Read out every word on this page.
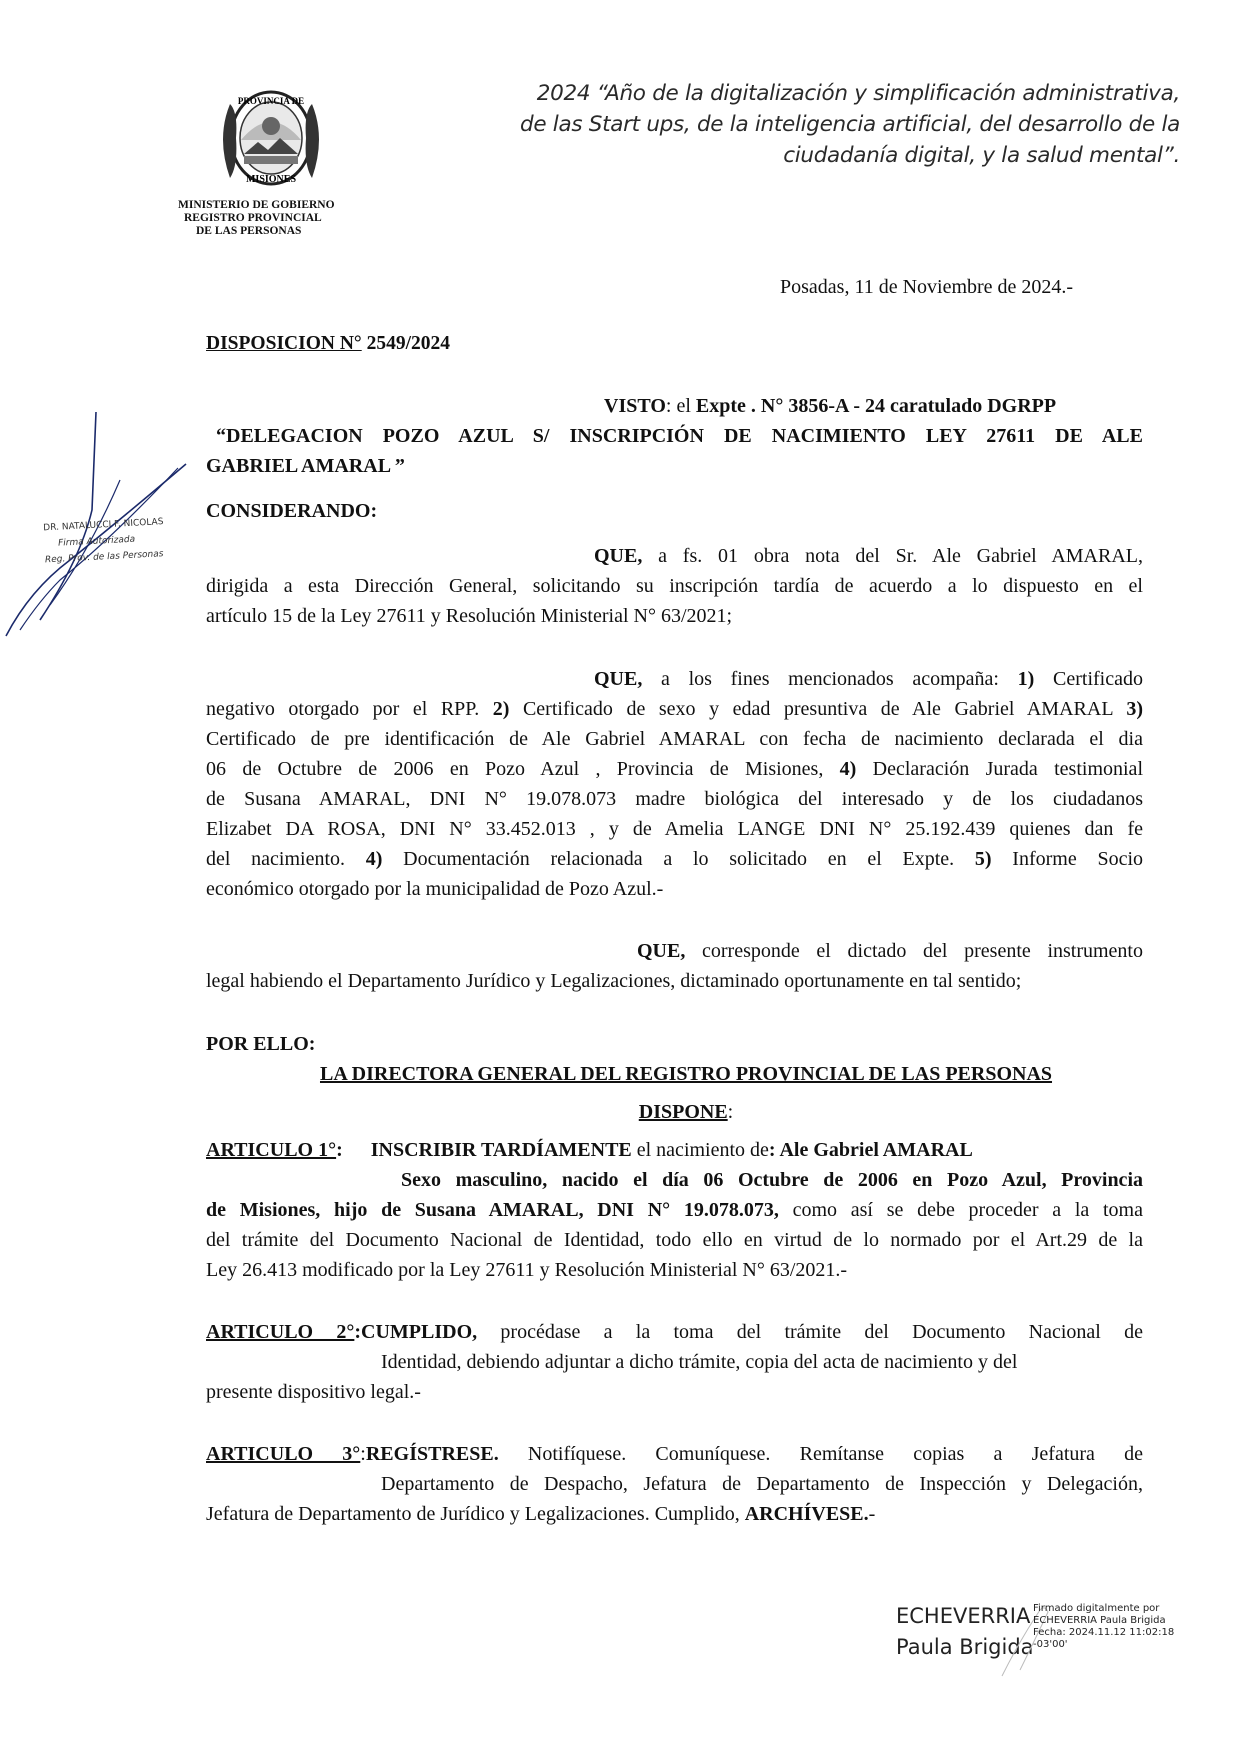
PROVINCIA DE
MISIONES
MINISTERIO DE GOBIERNO
REGISTRO PROVINCIAL
DE LAS PERSONAS
2024 “Año de la digitalización y simplificación administrativa,
de las Start ups, de la inteligencia artificial, del desarrollo de la
ciudadanía digital, y la salud mental”.
Posadas, 11 de Noviembre de 2024.-
DISPOSICION N° 2549/2024
VISTO: el Expte . N° 3856-A - 24 caratulado DGRPP
“DELEGACION POZO AZUL S/ INSCRIPCIÓN DE NACIMIENTO LEY 27611 DE ALE
GABRIEL AMARAL ”
CONSIDERANDO:
QUE, a fs. 01 obra nota del Sr. Ale Gabriel AMARAL,
dirigida a esta Dirección General, solicitando su inscripción tardía de acuerdo a lo dispuesto en el
artículo 15 de la Ley 27611 y Resolución Ministerial N° 63/2021;
QUE, a los fines mencionados acompaña: 1) Certificado
negativo otorgado por el RPP. 2) Certificado de sexo y edad presuntiva de Ale Gabriel AMARAL 3)
Certificado de pre identificación de Ale Gabriel AMARAL con fecha de nacimiento declarada el dia
06 de Octubre de 2006 en Pozo Azul , Provincia de Misiones, 4) Declaración Jurada testimonial
de Susana AMARAL, DNI N° 19.078.073 madre biológica del interesado y de los ciudadanos
Elizabet DA ROSA, DNI N° 33.452.013 , y de Amelia LANGE DNI N° 25.192.439 quienes dan fe
del nacimiento. 4) Documentación relacionada a lo solicitado en el Expte. 5) Informe Socio
económico otorgado por la municipalidad de Pozo Azul.-
QUE, corresponde el dictado del presente instrumento
legal habiendo el Departamento Jurídico y Legalizaciones, dictaminado oportunamente en tal sentido;
POR ELLO:
LA DIRECTORA GENERAL DEL REGISTRO PROVINCIAL DE LAS PERSONAS
DISPONE:
ARTICULO 1°: INSCRIBIR TARDÍAMENTE el nacimiento de: Ale Gabriel AMARAL
Sexo masculino, nacido el día 06 Octubre de 2006 en Pozo Azul, Provincia
de Misiones, hijo de Susana AMARAL, DNI N° 19.078.073, como así se debe proceder a la toma
del trámite del Documento Nacional de Identidad, todo ello en virtud de lo normado por el Art.29 de la
Ley 26.413 modificado por la Ley 27611 y Resolución Ministerial N° 63/2021.-
ARTICULO 2°:CUMPLIDO, procédase a la toma del trámite del Documento Nacional de
Identidad, debiendo adjuntar a dicho trámite, copia del acta de nacimiento y del
presente dispositivo legal.-
ARTICULO 3°:REGÍSTRESE. Notifíquese. Comuníquese. Remítanse copias a Jefatura de
Departamento de Despacho, Jefatura de Departamento de Inspección y Delegación,
Jefatura de Departamento de Jurídico y Legalizaciones. Cumplido, ARCHÍVESE.-
DR. NATALUCCI F. NICOLAS
Firma Autorizada
Reg. Prov. de las Personas
ECHEVERRIA
Paula Brigida
Firmado digitalmente por
ECHEVERRIA Paula Brigida
Fecha: 2024.11.12 11:02:18
-03'00'
